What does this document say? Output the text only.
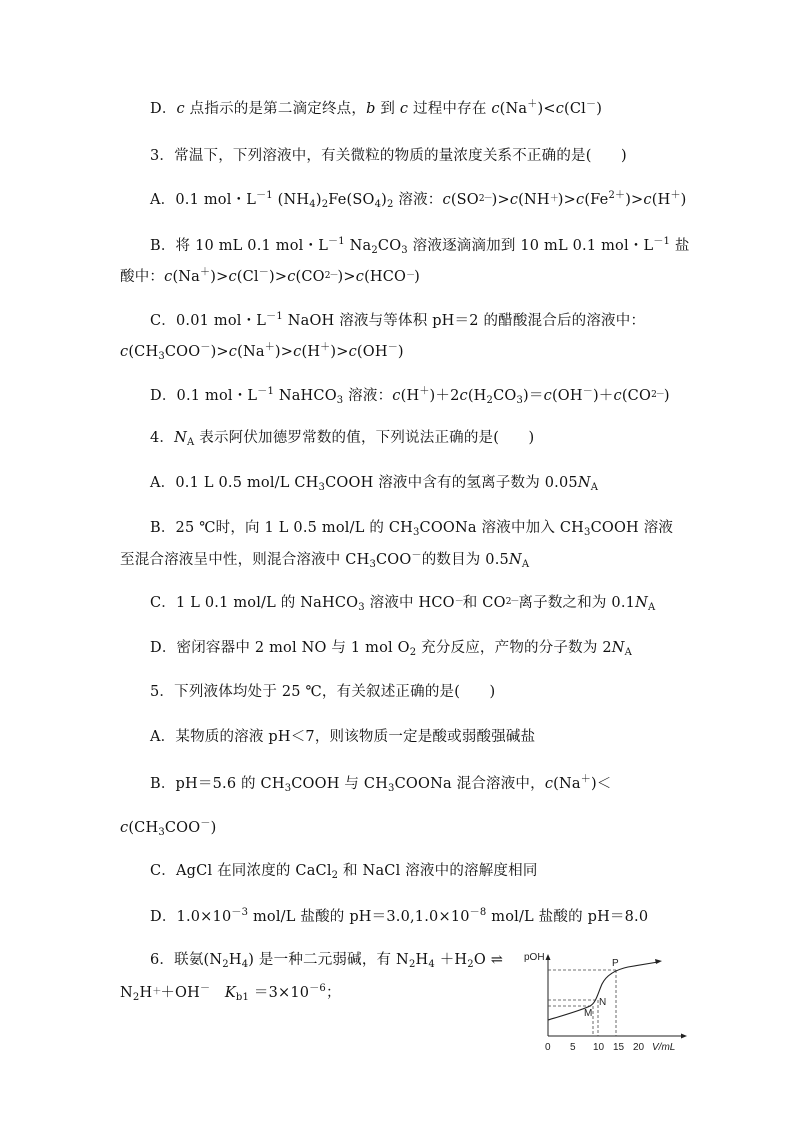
D．c 点指示的是第二滴定终点，b 到 c 过程中存在 c(Na＋)<c(Cl－)
3．常温下，下列溶液中，有关微粒的物质的量浓度关系不正确的是(　　)
A．0.1 mol・$L^{-1}$ $(NH_4)_2Fe(SO_4)_2$ 溶液：$c(SO2-)>c(NH+)>c(Fe^{2+})>c(H^+)$
B．将 10 mL 0.1 mol・$L^{-1}$ $Na_2CO_3$ 溶液逐滴滴加到 10 mL 0.1 mol・$L^{-1}$ 盐
酸中：c(Na＋)>c(Cl－)>c(CO2－)>c(HCO－)
C．0.01 mol・$L^{-1}$ NaOH 溶液与等体积 pH＝2 的醋酸混合后的溶液中：
$c(CH_3COO^-)>c(Na^+)>c(H^+)>c(OH^-)$
D．0.1 mol・$L^{-1}$ NaHCO$_3$ 溶液：$c(H^+)+2c(H_2CO_3)=c(OH^-)+c(CO2-)$
4．$N_A$ 表示阿伏加德罗常数的值，下列说法正确的是(　　)
A．0.1 L 0.5 mol/L $CH_3COOH$ 溶液中含有的氢离子数为 $0.05N_A$
B．25 ℃时，向 1 L 0.5 mol/L 的 $CH_3COONa$ 溶液中加入 $CH_3COOH$ 溶液
至混合溶液呈中性，则混合溶液中 $CH_3COO^-$的数目为 $0.5N_A$
C．1 L 0.1 mol/L 的 NaHCO$_3$ 溶液中 HCO－和 CO2－离子数之和为 $0.1N_A$
D．密闭容器中 2 mol NO 与 1 mol $O_2$ 充分反应，产物的分子数为 $2N_A$
5．下列液体均处于 25 ℃，有关叙述正确的是(　　)
A．某物质的溶液 pH＜7，则该物质一定是酸或弱酸强碱盐
B．pH＝5.6 的 $CH_3COOH$ 与 $CH_3COONa$ 混合溶液中，c(Na＋)＜
$c(CH_3COO^-)$
C．AgCl 在同浓度的 CaCl$_2$ 和 NaCl 溶液中的溶解度相同
D．$1.0\times 10^{-3}$ mol/L 盐酸的 $pH=3.0,1.0\times 10^{-8}$ mol/L 盐酸的 pH＝8.0
6．联氨$(N_2H_4)$ 是一种二元弱碱，有 $N_2H_4 +H_2O$ ⇌
$N_2H++OH^-$　 $K_{b1} =3\times 10^{-6}$；
pOH
P
N
M
0 5 10 15 20 V/mL
